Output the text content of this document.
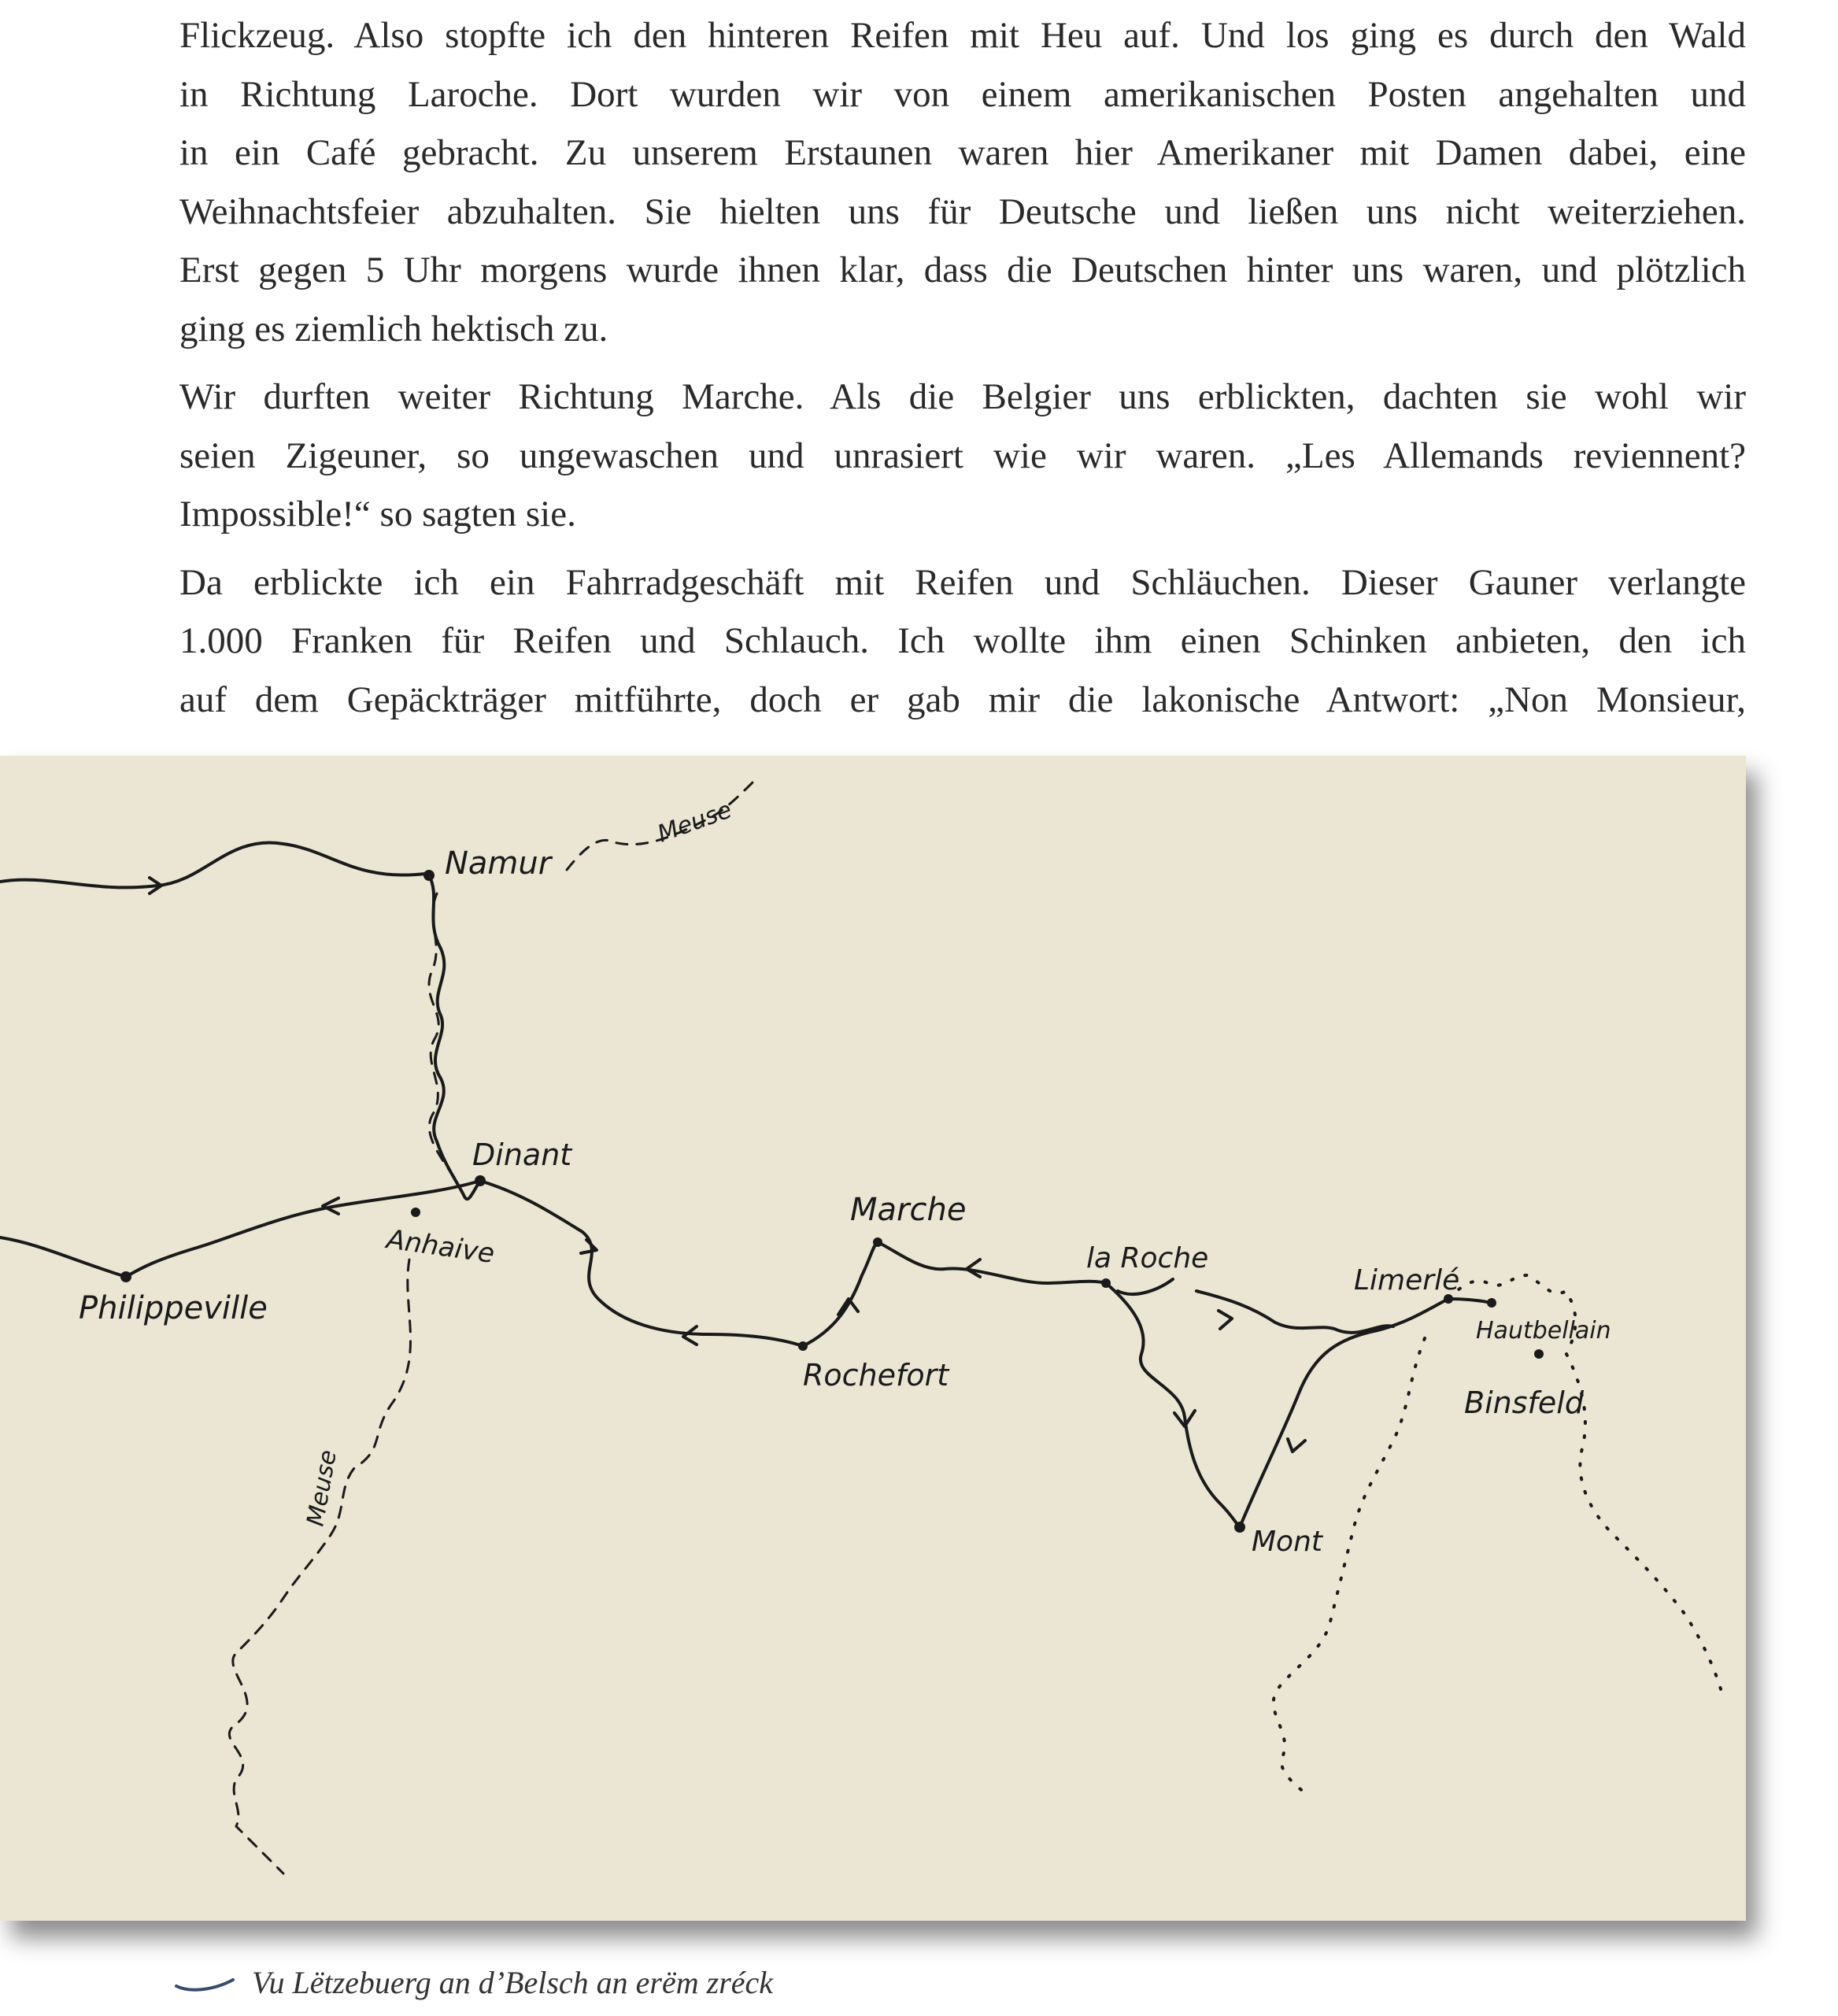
Flickzeug. Also stopfte ich den hinteren Reifen mit Heu auf. Und los ging es durch den Wald
in Richtung Laroche. Dort wurden wir von einem amerikanischen Posten angehalten und
in ein Café gebracht. Zu unserem Erstaunen waren hier Amerikaner mit Damen dabei, eine
Weihnachtsfeier abzuhalten. Sie hielten uns für Deutsche und ließen uns nicht weiterziehen.
Erst gegen 5 Uhr morgens wurde ihnen klar, dass die Deutschen hinter uns waren, und plötzlich
ging es ziemlich hektisch zu.

Wir durften weiter Richtung Marche. Als die Belgier uns erblickten, dachten sie wohl wir
seien Zigeuner, so ungewaschen und unrasiert wie wir waren. „Les Allemands reviennent?
Impossible!“ so sagten sie.

Da erblickte ich ein Fahrradgeschäft mit Reifen und Schläuchen. Dieser Gauner verlangte
1.000 Franken für Reifen und Schlauch. Ich wollte ihm einen Schinken anbieten, den ich
auf dem Gepäckträger mitführte, doch er gab mir die lakonische Antwort: „Non Monsieur,

Namur
Meuse
Dinant
Anhaive
Philippeville
Meuse
Marche
Rochefort
la Roche
Limerlé
Hautbellain
Binsfeld
Mont
Vu Lëtzebuerg an d’Belsch an erëm zréck
